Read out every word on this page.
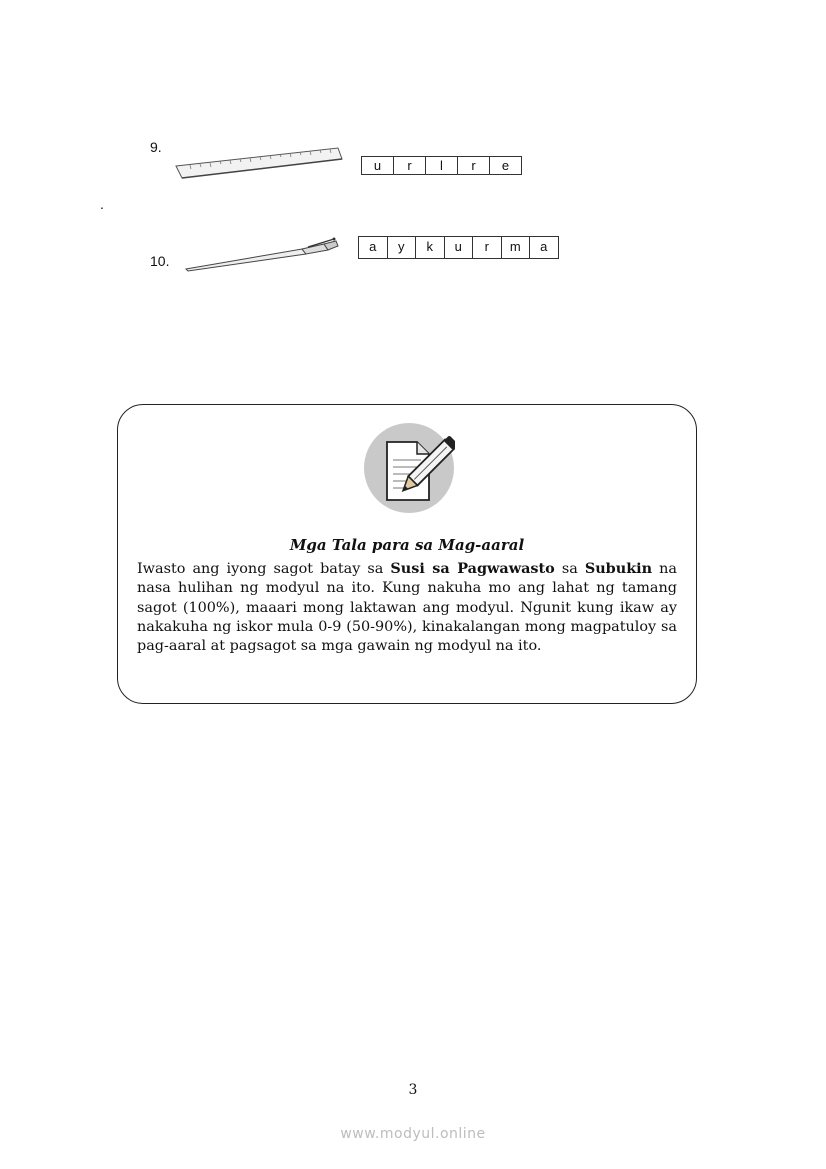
9.
u	r	l	r	e
.
10.
a	y	k	u	r	m	a
Mga Tala para sa Mag-aaral

Iwasto ang iyong sagot batay sa Susi sa Pagwawasto sa Subukin na nasa hulihan ng modyul na ito. Kung nakuha mo ang lahat ng tamang sagot (100%), maaari mong laktawan ang modyul. Ngunit kung ikaw ay nakakuha ng iskor mula 0-9 (50-90%), kinakalangan mong magpatuloy sa pag-aaral at pagsagot sa mga gawain ng modyul na ito.

3
www.modyul.online
